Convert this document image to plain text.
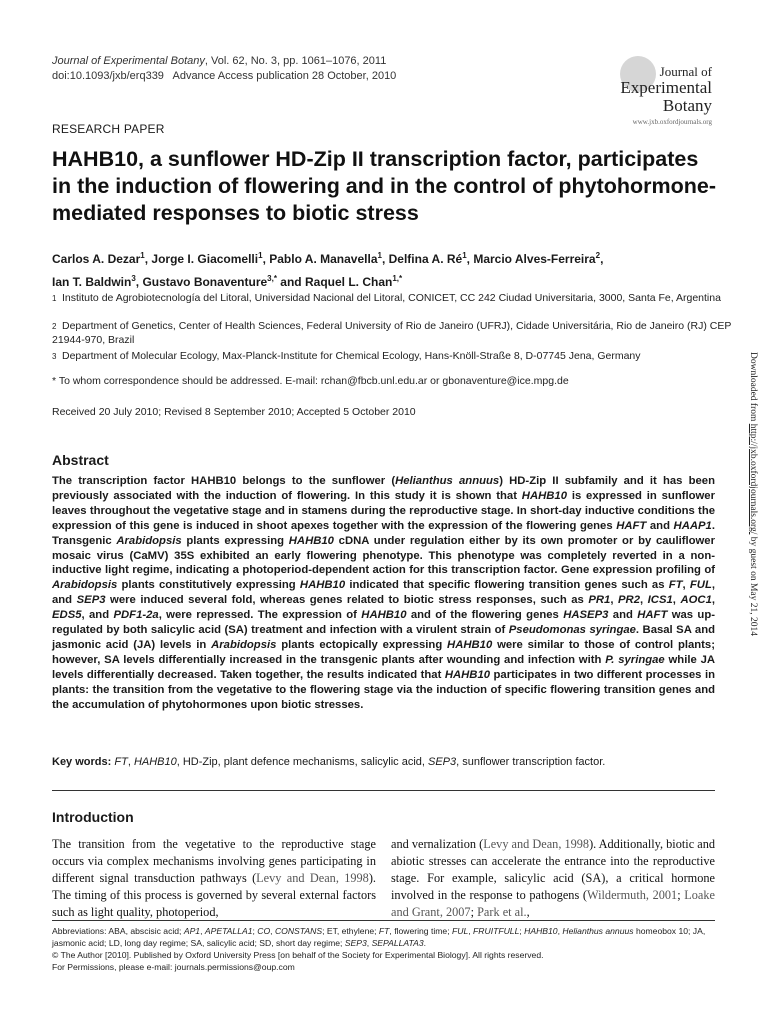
Journal of Experimental Botany, Vol. 62, No. 3, pp. 1061–1076, 2011
doi:10.1093/jxb/erq339   Advance Access publication 28 October, 2010	Journal of
Experimental
Botany
www.jxb.oxfordjournals.org
RESEARCH PAPER
HAHB10, a sunflower HD-Zip II transcription factor, participates in the induction of flowering and in the control of phytohormone-mediated responses to biotic stress
Carlos A. Dezar$^1$, Jorge I. Giacomelli$^1$, Pablo A. Manavella$^1$, Delfina A. $Ré^1$, Marcio Alves-Ferreira$^2$,
Ian T. Baldwin$^3$, Gustavo Bonaventure$^{3,*}$ and Raquel L. Chan$^{1,*}$
1 Instituto de Agrobiotecnología del Litoral, Universidad Nacional del Litoral, CONICET, CC 242 Ciudad Universitaria, 3000, Santa Fe, Argentina
2 Department of Genetics, Center of Health Sciences, Federal University of Rio de Janeiro (UFRJ), Cidade Universitária, Rio de Janeiro (RJ) CEP 21944-970, Brazil
3 Department of Molecular Ecology, Max-Planck-Institute for Chemical Ecology, Hans-Knöll-Straße 8, D-07745 Jena, Germany
* To whom correspondence should be addressed. E-mail: rchan@fbcb.unl.edu.ar or gbonaventure@ice.mpg.de
Received 20 July 2010; Revised 8 September 2010; Accepted 5 October 2010	Downloaded from http://jxb.oxfordjournals.org/ by guest on May 21, 2014
Abstract
The transcription factor HAHB10 belongs to the sunflower (Helianthus annuus) HD-Zip II subfamily and it has been previously associated with the induction of flowering. In this study it is shown that HAHB10 is expressed in sunflower leaves throughout the vegetative stage and in stamens during the reproductive stage. In short-day inductive conditions the expression of this gene is induced in shoot apexes together with the expression of the flowering genes HAFT and HAAP1. Transgenic Arabidopsis plants expressing HAHB10 cDNA under regulation either by its own promoter or by cauliflower mosaic virus (CaMV) 35S exhibited an early flowering phenotype. This phenotype was completely reverted in a non-inductive light regime, indicating a photoperiod-dependent action for this transcription factor. Gene expression profiling of Arabidopsis plants constitutively expressing HAHB10 indicated that specific flowering transition genes such as FT, FUL, and SEP3 were induced several fold, whereas genes related to biotic stress responses, such as PR1, PR2, ICS1, AOC1, EDS5, and PDF1-2a, were repressed. The expression of HAHB10 and of the flowering genes HASEP3 and HAFT was up-regulated by both salicylic acid (SA) treatment and infection with a virulent strain of Pseudomonas syringae. Basal SA and jasmonic acid (JA) levels in Arabidopsis plants ectopically expressing HAHB10 were similar to those of control plants; however, SA levels differentially increased in the transgenic plants after wounding and infection with P. syringae while JA levels differentially decreased. Taken together, the results indicated that HAHB10 participates in two different processes in plants: the transition from the vegetative to the flowering stage via the induction of specific flowering transition genes and the accumulation of phytohormones upon biotic stresses.
Key words: FT, HAHB10, HD-Zip, plant defence mechanisms, salicylic acid, SEP3, sunflower transcription factor.
Introduction
The transition from the vegetative to the reproductive stage occurs via complex mechanisms involving genes participating in different signal transduction pathways (Levy and Dean, 1998). The timing of this process is governed by several external factors such as light quality, photoperiod,
and vernalization (Levy and Dean, 1998). Additionally, biotic and abiotic stresses can accelerate the entrance into the reproductive stage. For example, salicylic acid (SA), a critical hormone involved in the response to pathogens (Wildermuth, 2001; Loake and Grant, 2007; Park et al.,
Abbreviations: ABA, abscisic acid; AP1, APETALLA1; CO, CONSTANS; ET, ethylene; FT, flowering time; FUL, FRUITFULL; HAHB10, Helianthus annuus homeobox 10; JA, jasmonic acid; LD, long day regime; SA, salicylic acid; SD, short day regime; SEP3, SEPALLATA3.
© The Author [2010]. Published by Oxford University Press [on behalf of the Society for Experimental Biology]. All rights reserved.
For Permissions, please e-mail: journals.permissions@oup.com
